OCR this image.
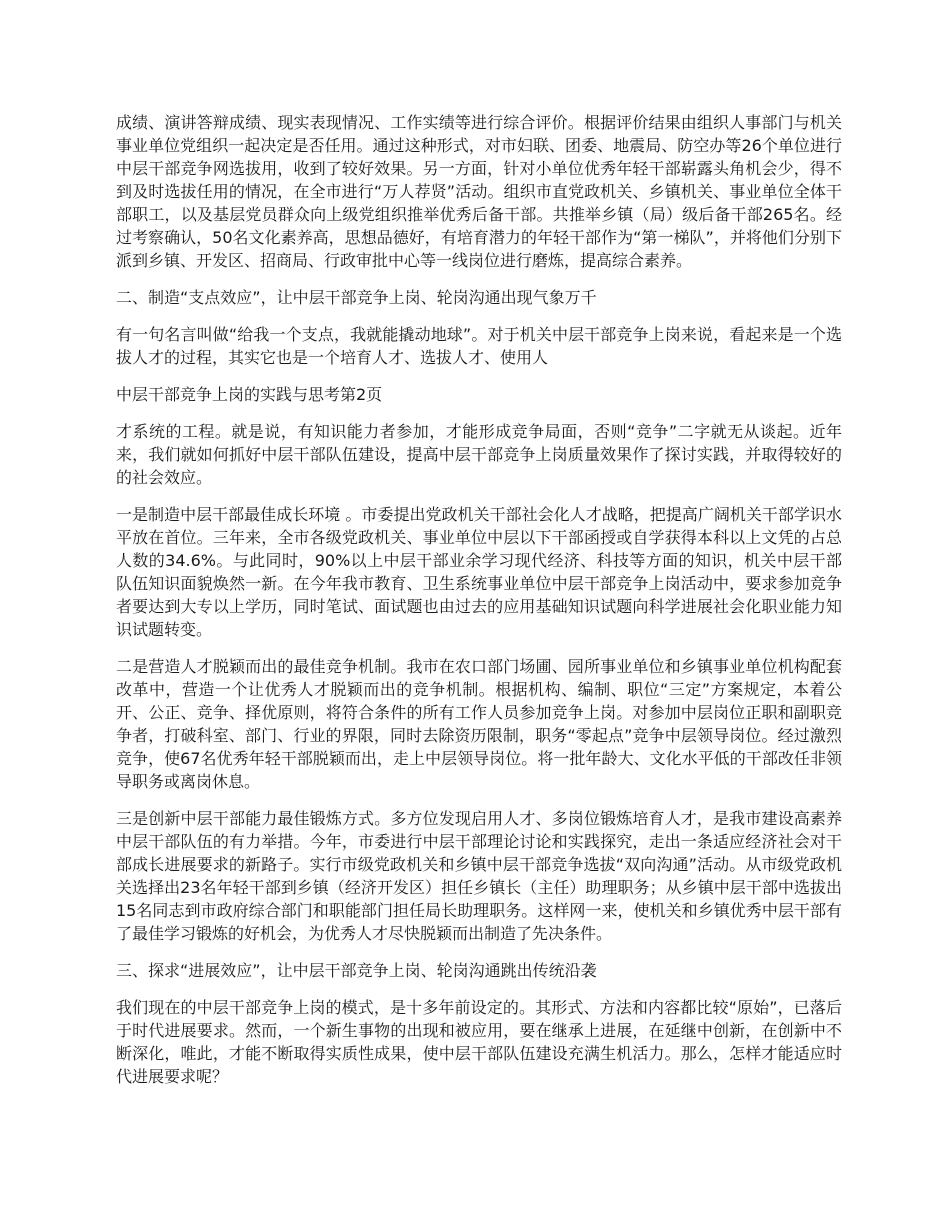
成绩、演讲答辩成绩、现实表现情况、工作实绩等进行综合评价。根据评价结果由组织人事部门与机关事业单位党组织一起决定是否任用。通过这种形式，对市妇联、团委、地震局、防空办等26个单位进行中层干部竞争网选拔用，收到了较好效果。另一方面，针对小单位优秀年轻干部崭露头角机会少，得不到及时选拔任用的情况，在全市进行“万人荐贤”活动。组织市直党政机关、乡镇机关、事业单位全体干部职工，以及基层党员群众向上级党组织推举优秀后备干部。共推举乡镇（局）级后备干部265名。经过考察确认，50名文化素养高，思想品德好，有培育潜力的年轻干部作为“第一梯队”，并将他们分别下派到乡镇、开发区、招商局、行政审批中心等一线岗位进行磨炼，提高综合素养。

二、制造“支点效应”，让中层干部竞争上岗、轮岗沟通出现气象万千

有一句名言叫做“给我一个支点，我就能撬动地球”。对于机关中层干部竞争上岗来说，看起来是一个选拔人才的过程，其实它也是一个培育人才、选拔人才、使用人

中层干部竞争上岗的实践与思考第2页

才系统的工程。就是说，有知识能力者参加，才能形成竞争局面，否则“竞争”二字就无从谈起。近年来，我们就如何抓好中层干部队伍建设，提高中层干部竞争上岗质量效果作了探讨实践，并取得较好的的社会效应。

一是制造中层干部最佳成长环境 。市委提出党政机关干部社会化人才战略，把提高广阔机关干部学识水平放在首位。三年来，全市各级党政机关、事业单位中层以下干部函授或自学获得本科以上文凭的占总人数的34.6%。与此同时，90%以上中层干部业余学习现代经济、科技等方面的知识，机关中层干部队伍知识面貌焕然一新。在今年我市教育、卫生系统事业单位中层干部竞争上岗活动中，要求参加竞争者要达到大专以上学历，同时笔试、面试题也由过去的应用基础知识试题向科学进展社会化职业能力知识试题转变。

二是营造人才脱颖而出的最佳竞争机制。我市在农口部门场圃、园所事业单位和乡镇事业单位机构配套改革中，营造一个让优秀人才脱颖而出的竞争机制。根据机构、编制、职位“三定”方案规定，本着公开、公正、竞争、择优原则，将符合条件的所有工作人员参加竞争上岗。对参加中层岗位正职和副职竞争者，打破科室、部门、行业的界限，同时去除资历限制，职务“零起点”竞争中层领导岗位。经过激烈竞争，使67名优秀年轻干部脱颖而出，走上中层领导岗位。将一批年龄大、文化水平低的干部改任非领导职务或离岗休息。

三是创新中层干部能力最佳锻炼方式。多方位发现启用人才、多岗位锻炼培育人才，是我市建设高素养中层干部队伍的有力举措。今年，市委进行中层干部理论讨论和实践探究，走出一条适应经济社会对干部成长进展要求的新路子。实行市级党政机关和乡镇中层干部竞争选拔“双向沟通”活动。从市级党政机关选择出23名年轻干部到乡镇（经济开发区）担任乡镇长（主任）助理职务；从乡镇中层干部中选拔出15名同志到市政府综合部门和职能部门担任局长助理职务。这样网一来，使机关和乡镇优秀中层干部有了最佳学习锻炼的好机会，为优秀人才尽快脱颖而出制造了先决条件。

三、探求“进展效应”，让中层干部竞争上岗、轮岗沟通跳出传统沿袭

我们现在的中层干部竞争上岗的模式，是十多年前设定的。其形式、方法和内容都比较“原始”，已落后于时代进展要求。然而，一个新生事物的出现和被应用，要在继承上进展，在延继中创新，在创新中不断深化，唯此，才能不断取得实质性成果，使中层干部队伍建设充满生机活力。那么，怎样才能适应时代进展要求呢？
